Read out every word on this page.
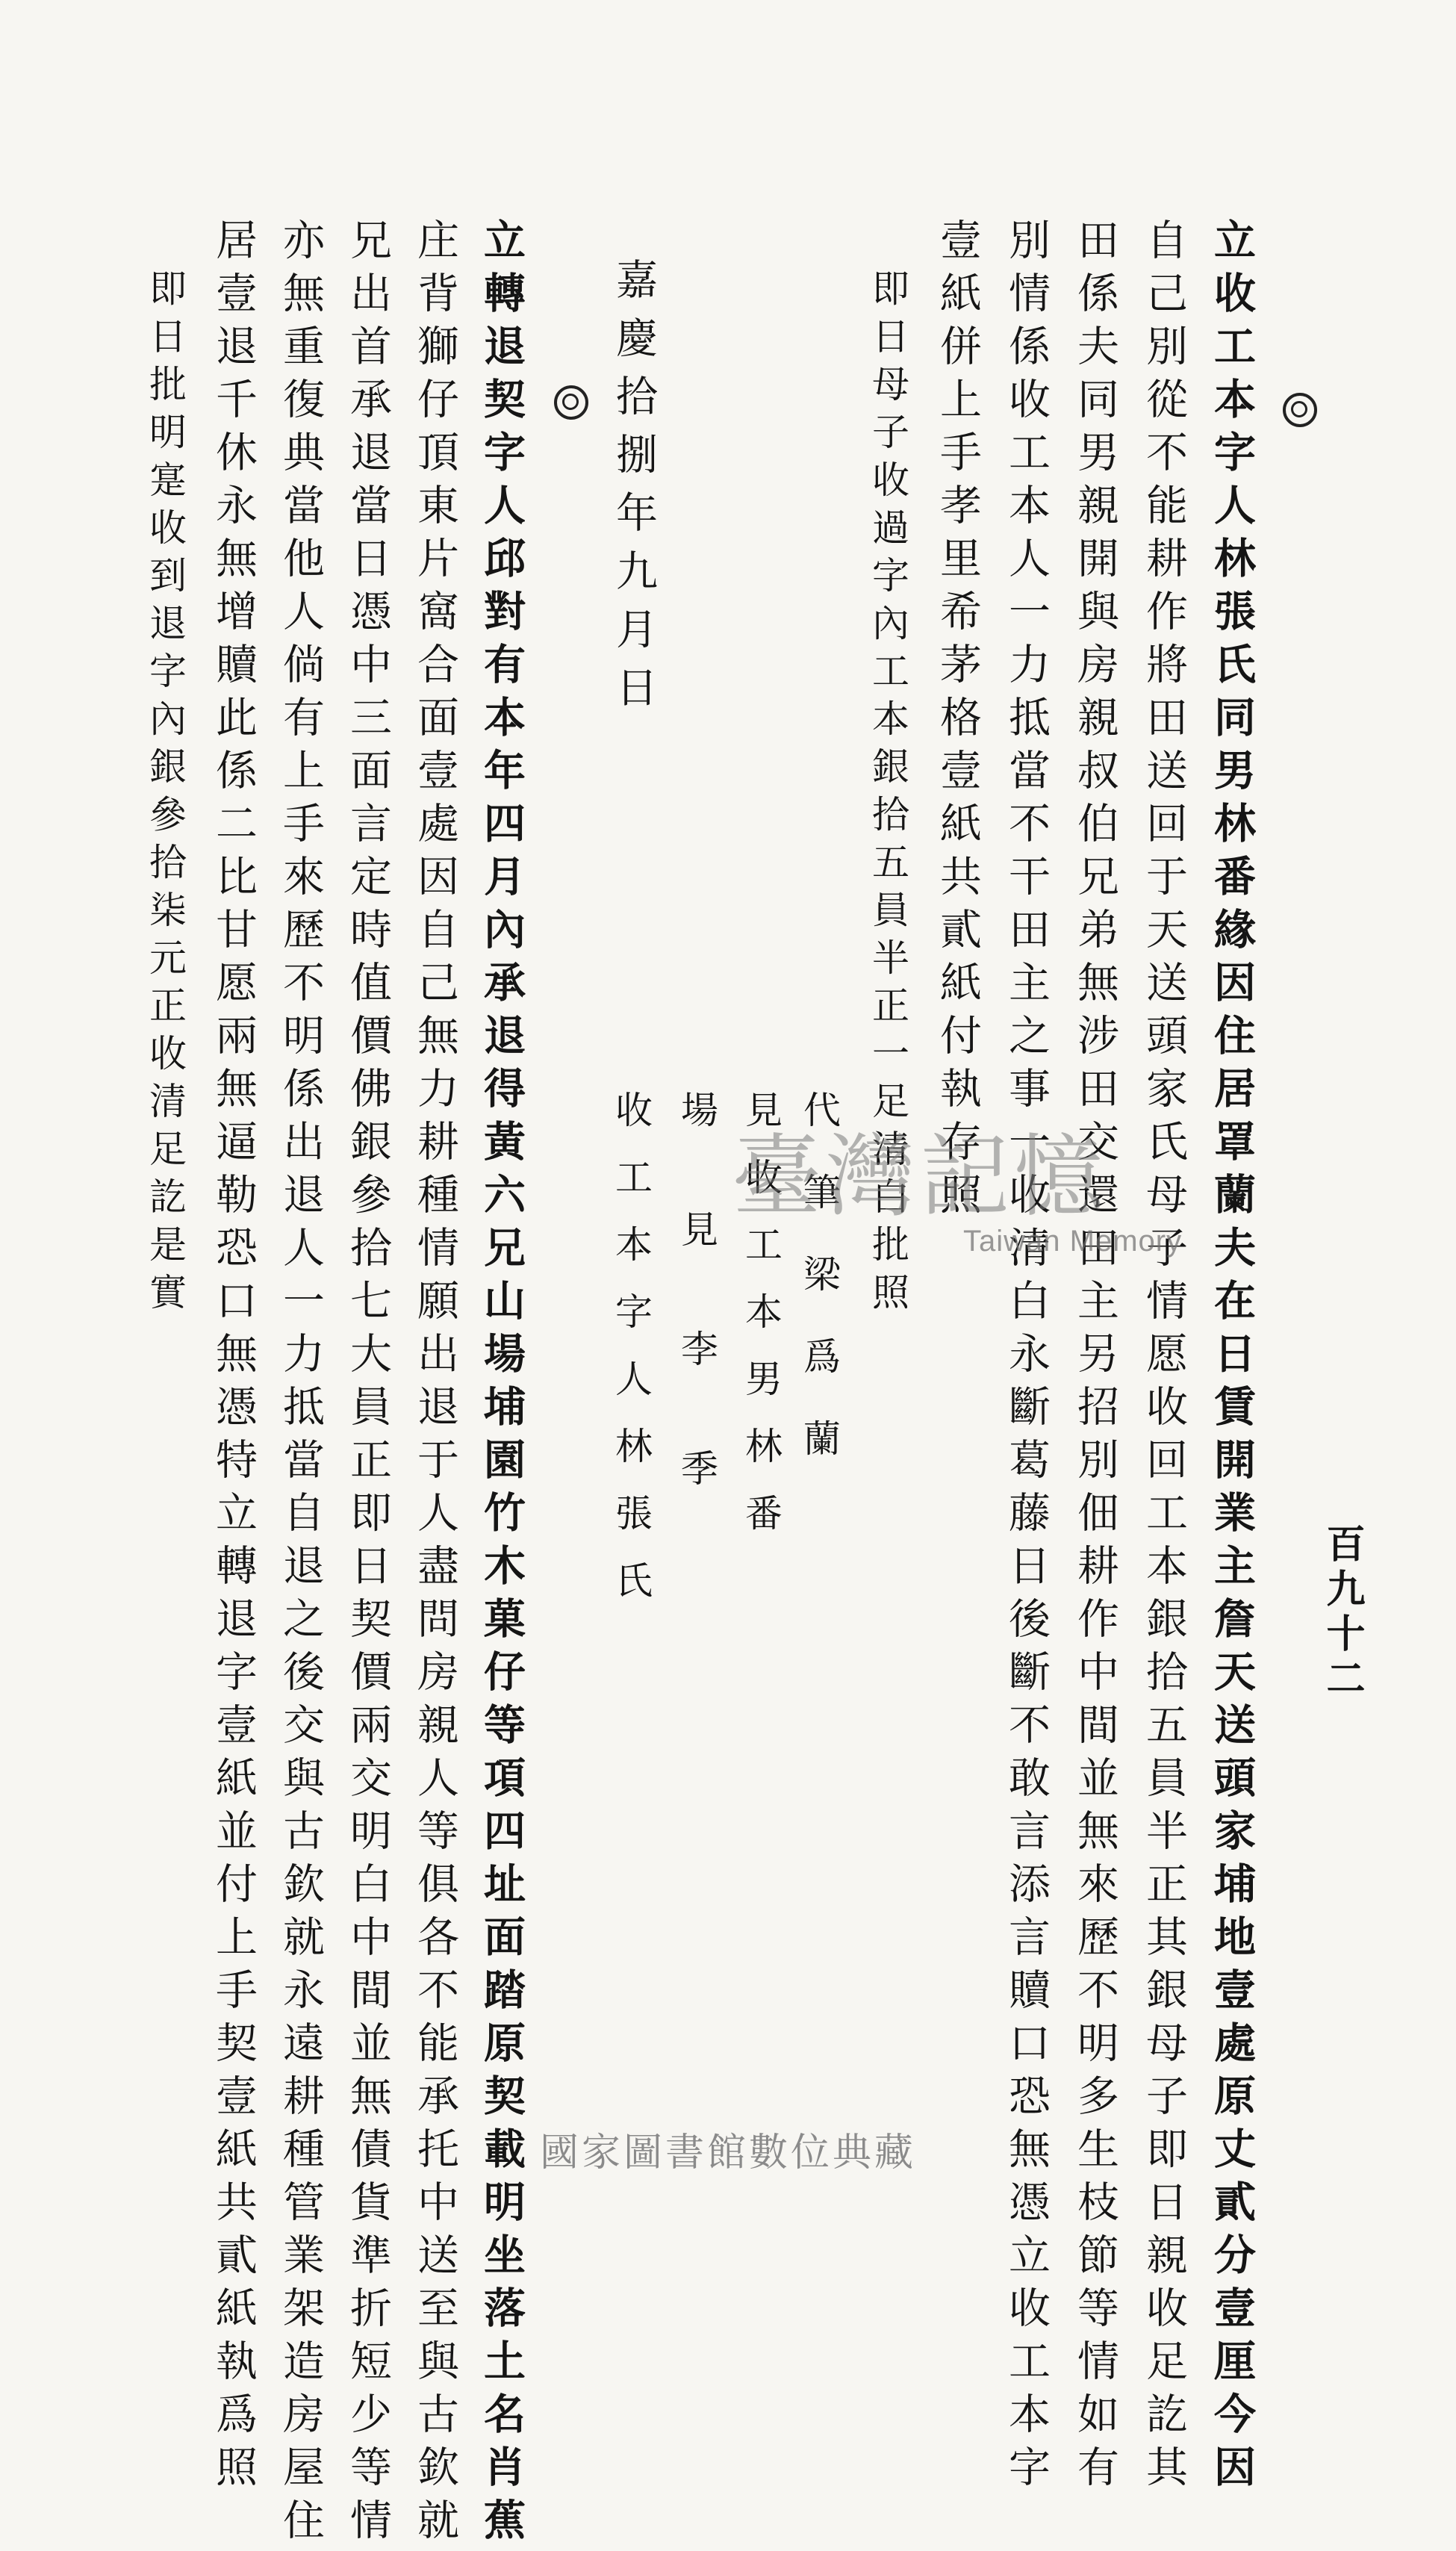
百九十二
立收工本字人林張氏同男林番緣因住居罩蘭夫在日賃開業主詹天送頭家埔地壹處原丈貳分壹厘今因
自己別從不能耕作將田送回于天送頭家氏母子情愿收回工本銀拾五員半正其銀母子即日親收足訖其
田係夫同男親開與房親叔伯兄弟無涉田交還田主另招別佃耕作中間並無來歷不明多生枝節等情如有
別情係收工本人一力抵當不干田主之事一收清白永斷葛藤日後斷不敢言添言贖口恐無憑立收工本字
壹紙併上手孝里希茅格壹紙共貳紙付執存照
即日母子收過字內工本銀拾五員半正一足清白批照
代筆梁爲蘭
見收工本男林番
場見李季
收工本字人林張氏
嘉慶拾捌年九月日
立轉退契字人邱對有本年四月內承退得黃六兄山場埔園竹木菓仔等項四址面踏原契載明坐落土名肖蕉
庄背獅仔頂東片窩合面壹處因自己無力耕種情願出退于人盡問房親人等俱各不能承托中送至與古欽就
兄出首承退當日憑中三面言定時值價佛銀參拾七大員正即日契價兩交明白中間並無債貨準折短少等情
亦無重復典當他人倘有上手來歷不明係出退人一力抵當自退之後交與古欽就永遠耕種管業架造房屋住
居壹退千休永無增贖此係二比甘愿兩無逼勒恐口無憑特立轉退字壹紙並付上手契壹紙共貳紙執爲照
即日批明寔收到退字內銀參拾柒元正收清足訖是實	臺灣記憶
Taiwan Memory
國家圖書館數位典藏
